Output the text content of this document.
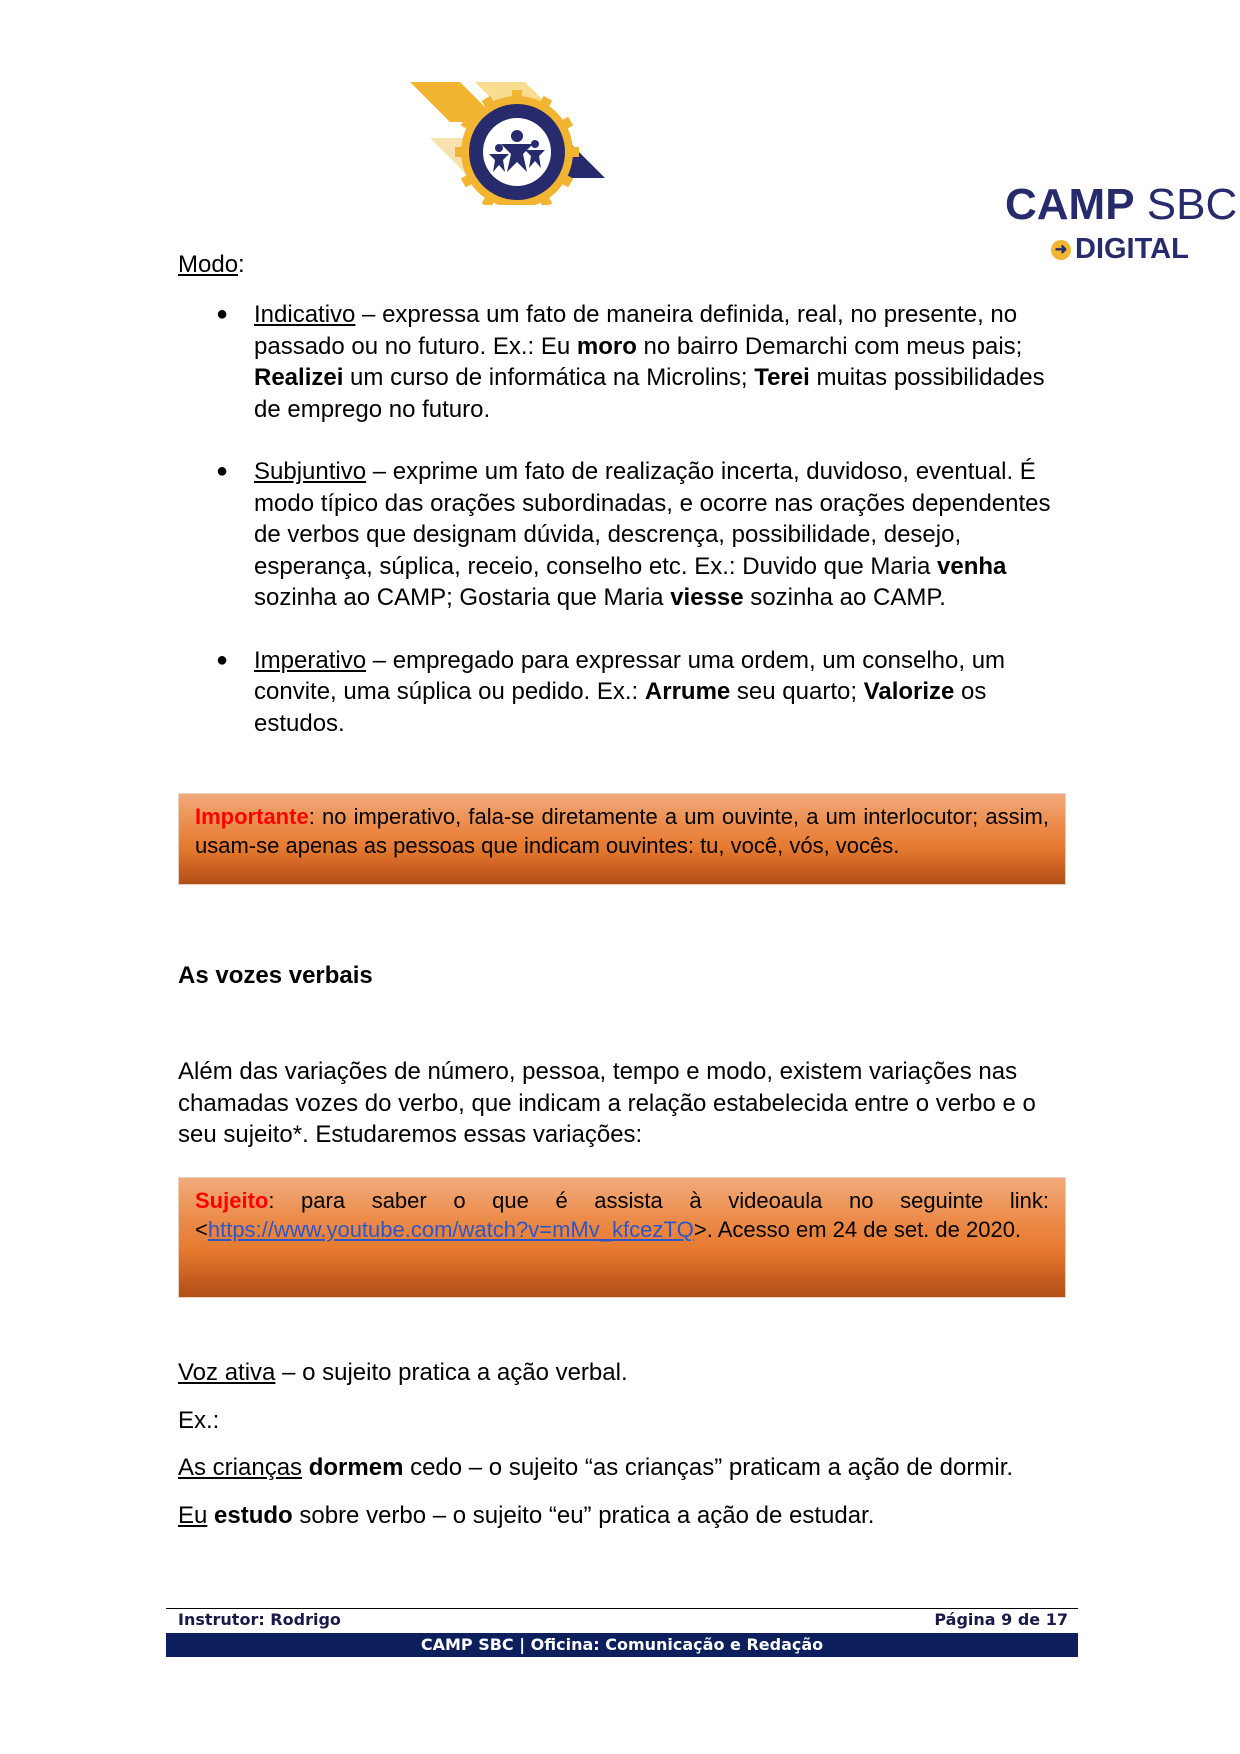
CAMP SBC
➜ DIGITAL

Modo:

● Indicativo – expressa um fato de maneira definida, real, no presente, no passado ou no futuro. Ex.: Eu moro no bairro Demarchi com meus pais; Realizei um curso de informática na Microlins; Terei muitas possibilidades de emprego no futuro.
● Subjuntivo – exprime um fato de realização incerta, duvidoso, eventual. É modo típico das orações subordinadas, e ocorre nas orações dependentes de verbos que designam dúvida, descrença, possibilidade, desejo, esperança, súplica, receio, conselho etc. Ex.: Duvido que Maria venha sozinha ao CAMP; Gostaria que Maria viesse sozinha ao CAMP.
● Imperativo – empregado para expressar uma ordem, um conselho, um convite, uma súplica ou pedido. Ex.: Arrume seu quarto; Valorize os estudos.
Importante: no imperativo, fala-se diretamente a um ouvinte, a um interlocutor; assim, usam-se apenas as pessoas que indicam ouvintes: tu, você, vós, vocês.
As vozes verbais
Além das variações de número, pessoa, tempo e modo, existem variações nas chamadas vozes do verbo, que indicam a relação estabelecida entre o verbo e o seu sujeito*. Estudaremos essas variações:
Sujeito: para saber o que é assista à videoaula no seguinte link: <https://www.youtube.com/watch?v=mMv_kfcezTQ>. Acesso em 24 de set. de 2020.

Voz ativa – o sujeito pratica a ação verbal.

Ex.:

As crianças dormem cedo – o sujeito “as crianças” praticam a ação de dormir.

Eu estudo sobre verbo – o sujeito “eu” pratica a ação de estudar.

Instrutor: Rodrigo	Página 9 de 17
CAMP SBC | Oficina: Comunicação e Redação
